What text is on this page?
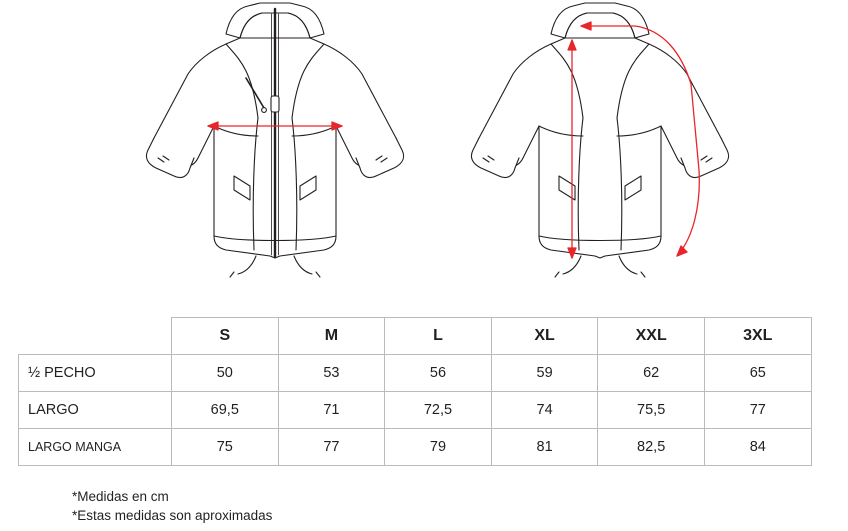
	S	M	L	XL	XXL	3XL
½ PECHO	50	53	56	59	62	65
LARGO	69,5	71	72,5	74	75,5	77
LARGO MANGA	75	77	79	81	82,5	84
*Medidas en cm
*Estas medidas son aproximadas
